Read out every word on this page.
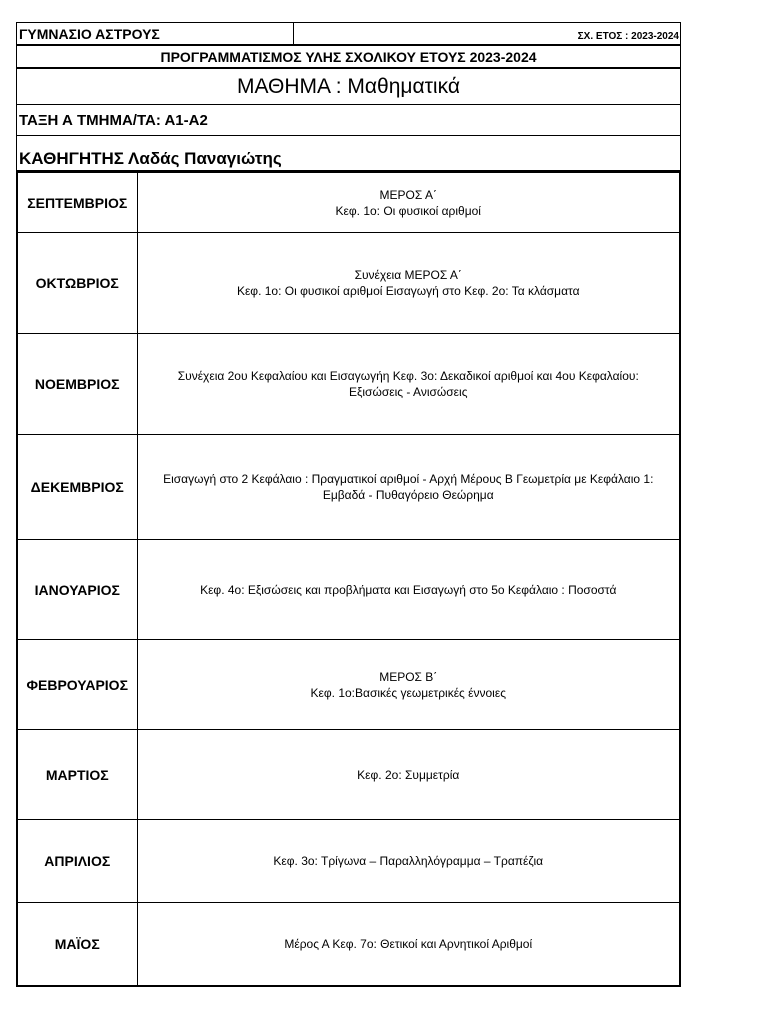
ΓΥΜΝΑΣΙΟ ΑΣΤΡΟΥΣ	ΣΧ. ΕΤΟΣ : 2023-2024
ΠΡΟΓΡΑΜΜΑΤΙΣΜΟΣ ΥΛΗΣ ΣΧΟΛΙΚΟΥ ΕΤΟΥΣ 2023-2024
ΜΑΘΗΜΑ : Μαθηματικά
ΤΑΞΗ Α ΤΜΗΜΑ/ΤΑ: Α1-Α2
ΚΑΘΗΓΗΤΗΣ Λαδάς Παναγιώτης
ΣΕΠΤΕΜΒΡΙΟΣ	ΜΕΡΟΣ Α΄
Κεφ. 1ο: Οι φυσικοί αριθμοί

ΟΚΤΩΒΡΙΟΣ	Συνέχεια ΜΕΡΟΣ Α΄
Κεφ. 1ο: Οι φυσικοί αριθμοί Εισαγωγή στο Κεφ. 2ο: Τα κλάσματα

ΝΟΕΜΒΡΙΟΣ	Συνέχεια 2ου Κεφαλαίου και Εισαγωγήη Κεφ. 3ο: Δεκαδικοί αριθμοί και 4ου Κεφαλαίου:
Εξισώσεις - Ανισώσεις

ΔΕΚΕΜΒΡΙΟΣ	Εισαγωγή στο 2 Κεφάλαιο : Πραγματικοί αριθμοί - Αρχή Μέρους Β Γεωμετρία με Κεφάλαιο 1:
Εμβαδά - Πυθαγόρειο Θεώρημα

ΙΑΝΟΥΑΡΙΟΣ	Κεφ. 4ο: Εξισώσεις και προβλήματα και Εισαγωγή στο 5ο Κεφάλαιο : Ποσοστά

ΦΕΒΡΟΥΑΡΙΟΣ	ΜΕΡΟΣ Β΄
Κεφ. 1ο:Βασικές γεωμετρικές έννοιες

ΜΑΡΤΙΟΣ	Κεφ. 2ο: Συμμετρία

ΑΠΡΙΛΙΟΣ	Κεφ. 3ο: Τρίγωνα – Παραλληλόγραμμα – Τραπέζια

ΜΑΪΟΣ	Μέρος Α Κεφ. 7ο: Θετικοί και Αρνητικοί Αριθμοί
